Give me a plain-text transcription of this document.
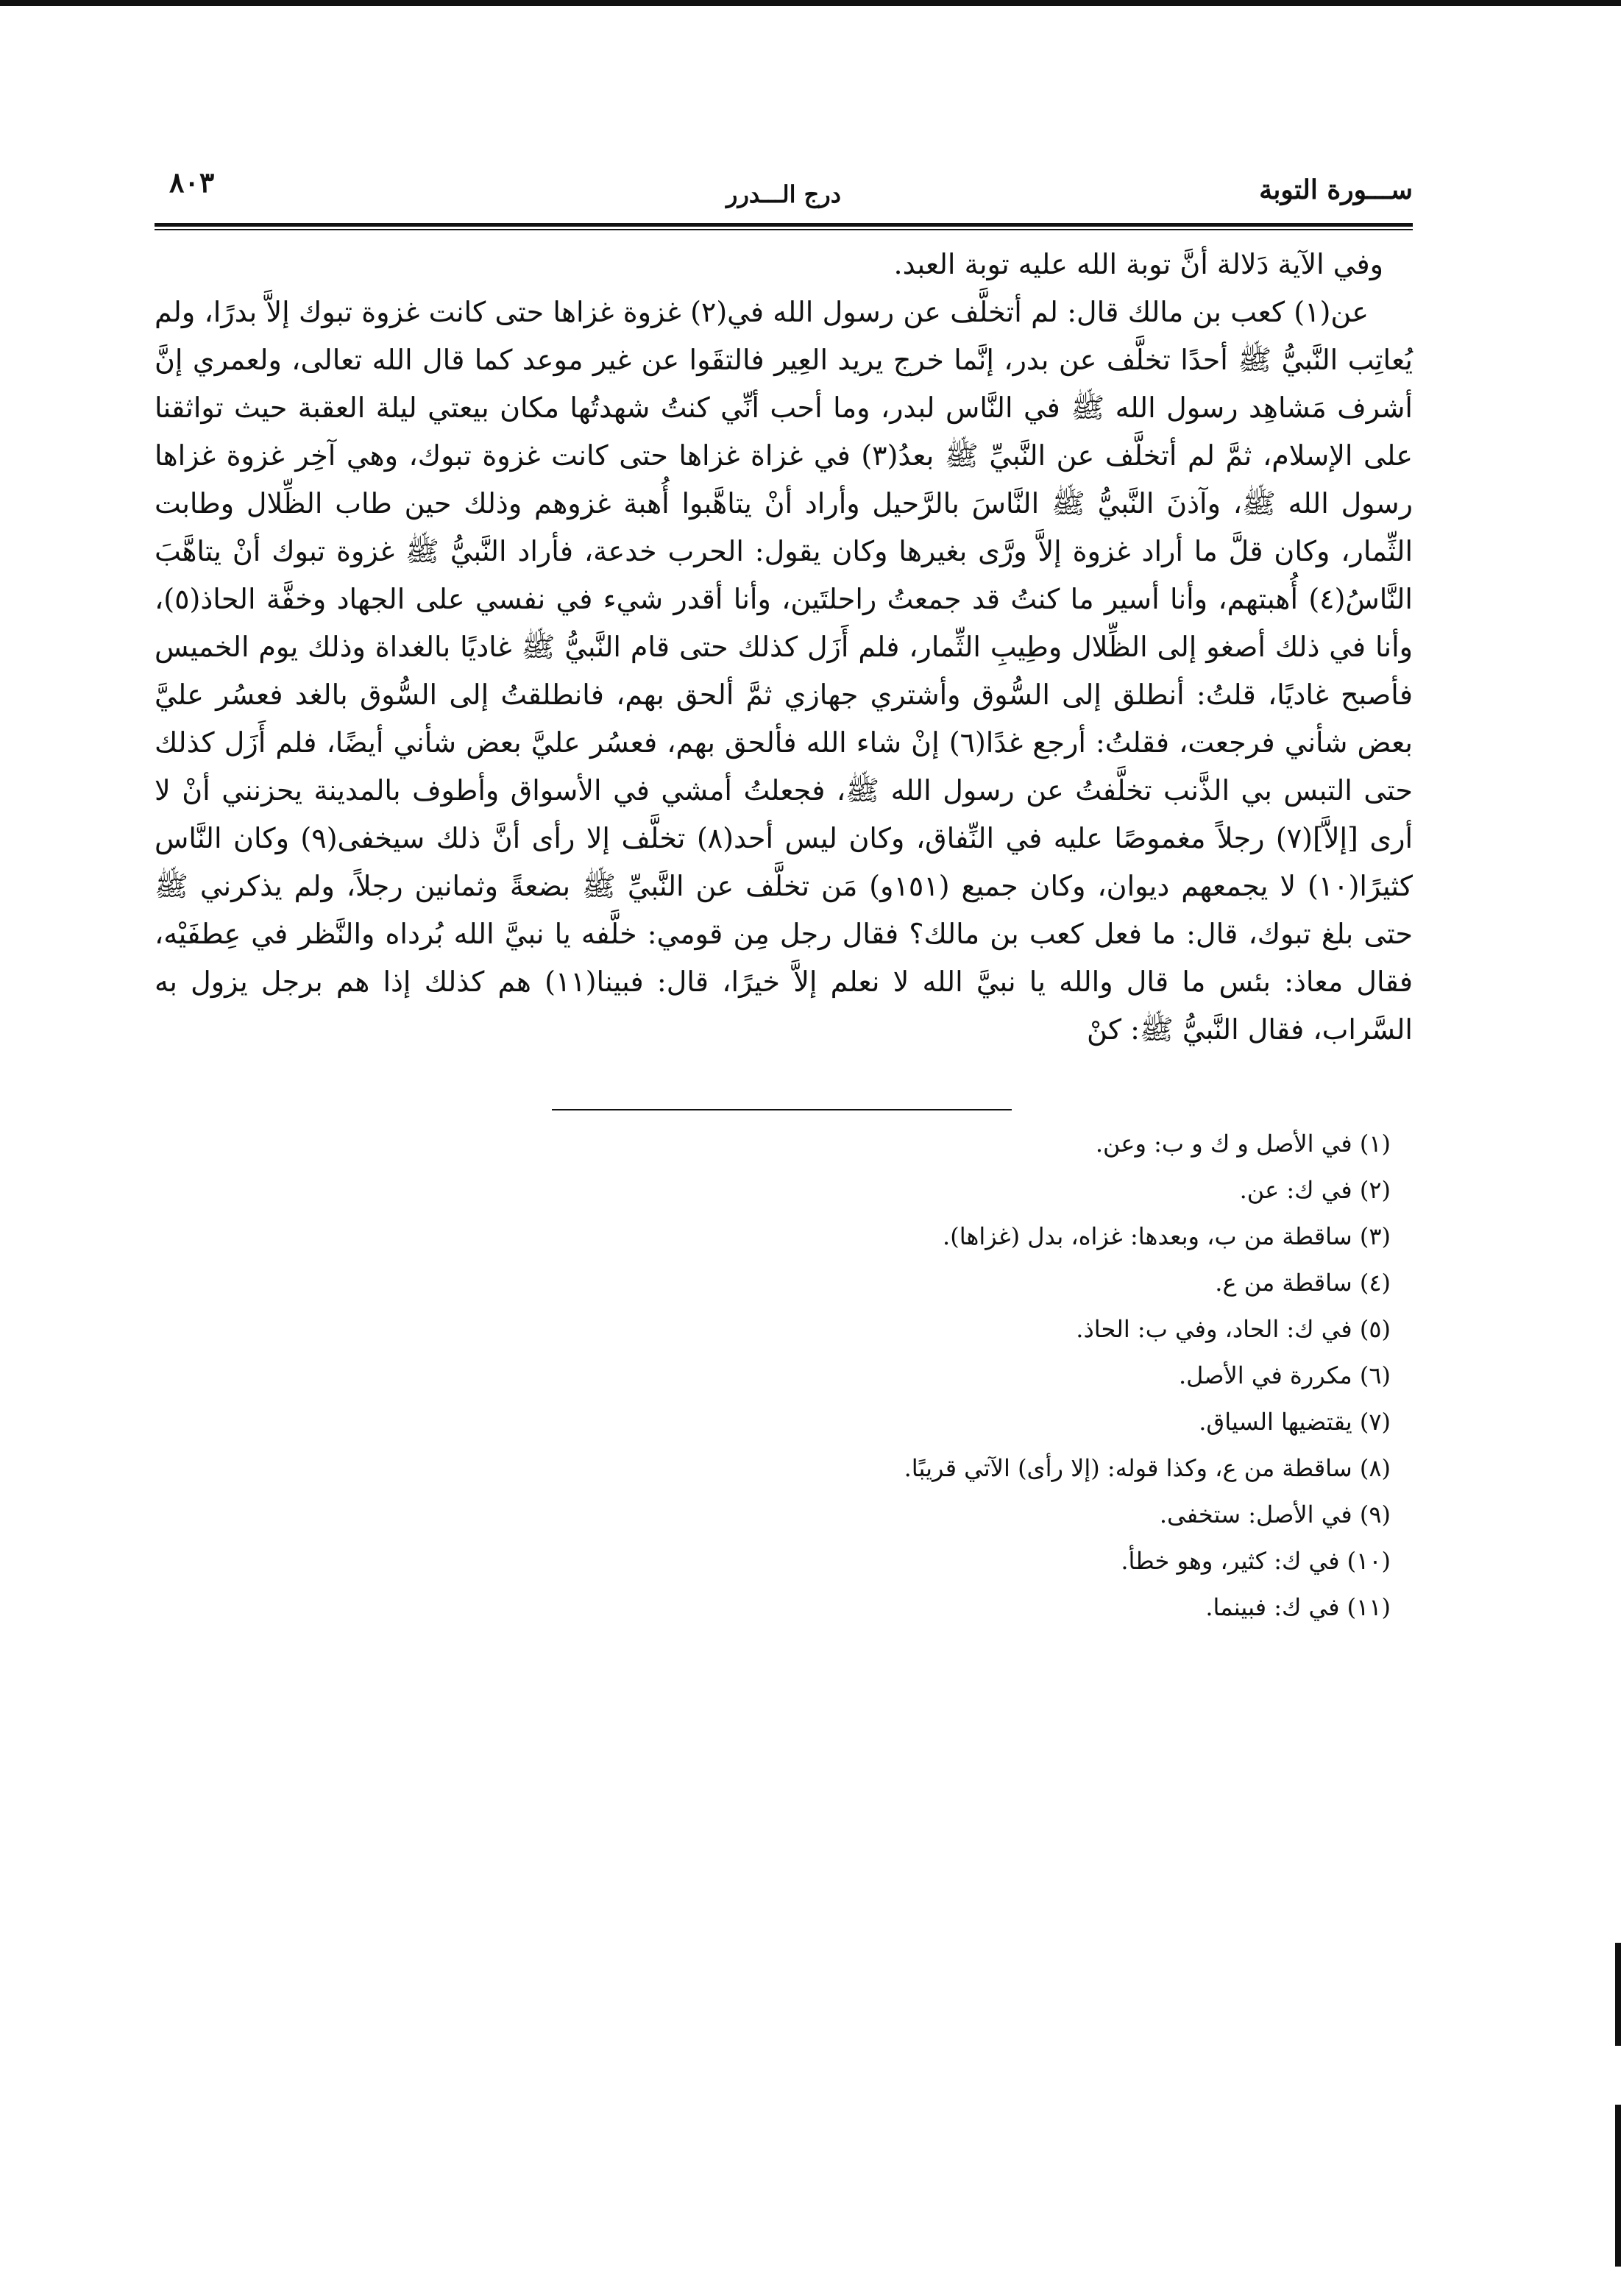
ســـورة التوبة
درج الـــدرر
٨٠٣

وفي الآية دَلالة أنَّ توبة الله عليه توبة العبد.

عن(١) كعب بن مالك قال: لم أتخلَّف عن رسول الله في(٢) غزوة غزاها حتى كانت غزوة تبوك إلاَّ بدرًا، ولم يُعاتِب النَّبيُّ ﷺ أحدًا تخلَّف عن بدر، إنَّما خرج يريد العِير فالتقَوا عن غير موعد كما قال الله تعالى، ولعمري إنَّ أشرف مَشاهِد رسول الله ﷺ في النَّاس لبدر، وما أحب أنِّي كنتُ شهدتُها مكان بيعتي ليلة العقبة حيث تواثقنا على الإسلام، ثمَّ لم أتخلَّف عن النَّبيِّ ﷺ بعدُ(٣) في غزاة غزاها حتى كانت غزوة تبوك، وهي آخِر غزوة غزاها رسول الله ﷺ، وآذنَ النَّبيُّ ﷺ النَّاسَ بالرَّحيل وأراد أنْ يتاهَّبوا أُهبة غزوهم وذلك حين طاب الظِّلال وطابت الثِّمار، وكان قلَّ ما أراد غزوة إلاَّ ورَّى بغيرها وكان يقول: الحرب خدعة، فأراد النَّبيُّ ﷺ غزوة تبوك أنْ يتاهَّبَ النَّاسُ(٤) أُهبتهم، وأنا أسير ما كنتُ قد جمعتُ راحلتَين، وأنا أقدر شيء في نفسي على الجهاد وخفَّة الحاذ(٥)، وأنا في ذلك أصغو إلى الظِّلال وطِيبِ الثِّمار، فلم أَزَل كذلك حتى قام النَّبيُّ ﷺ غاديًا بالغداة وذلك يوم الخميس فأصبح غاديًا، قلتُ: أنطلق إلى السُّوق وأشتري جهازي ثمَّ ألحق بهم، فانطلقتُ إلى السُّوق بالغد فعسُر عليَّ بعض شأني فرجعت، فقلتُ: أرجع غدًا(٦) إنْ شاء الله فألحق بهم، فعسُر عليَّ بعض شأني أيضًا، فلم أَزَل كذلك حتى التبس بي الذَّنب تخلَّفتُ عن رسول الله ﷺ، فجعلتُ أمشي في الأسواق وأطوف بالمدينة يحزنني أنْ لا أرى [إلاَّ](٧) رجلاً مغموصًا عليه في النِّفاق، وكان ليس أحد(٨) تخلَّف إلا رأى أنَّ ذلك سيخفى(٩) وكان النَّاس كثيرًا(١٠) لا يجمعهم ديوان، وكان جميع (١٥١و) مَن تخلَّف عن النَّبيِّ ﷺ بضعةً وثمانين رجلاً، ولم يذكرني ﷺ حتى بلغ تبوك، قال: ما فعل كعب بن مالك؟ فقال رجل مِن قومي: خلَّفه يا نبيَّ الله بُرداه والنَّظر في عِطفَيْه، فقال معاذ: بئس ما قال والله يا نبيَّ الله لا نعلم إلاَّ خيرًا، قال: فبينا(١١) هم كذلك إذا هم برجل يزول به السَّراب، فقال النَّبيُّ ﷺ: كنْ

(١) في الأصل و ك و ب: وعن.
(٢) في ك: عن.
(٣) ساقطة من ب، وبعدها: غزاه، بدل (غزاها).
(٤) ساقطة من ع.
(٥) في ك: الحاد، وفي ب: الحاذ.
(٦) مكررة في الأصل.
(٧) يقتضيها السياق.
(٨) ساقطة من ع، وكذا قوله: (إلا رأى) الآتي قريبًا.
(٩) في الأصل: ستخفى.
(١٠) في ك: كثير، وهو خطأ.
(١١) في ك: فبينما.
